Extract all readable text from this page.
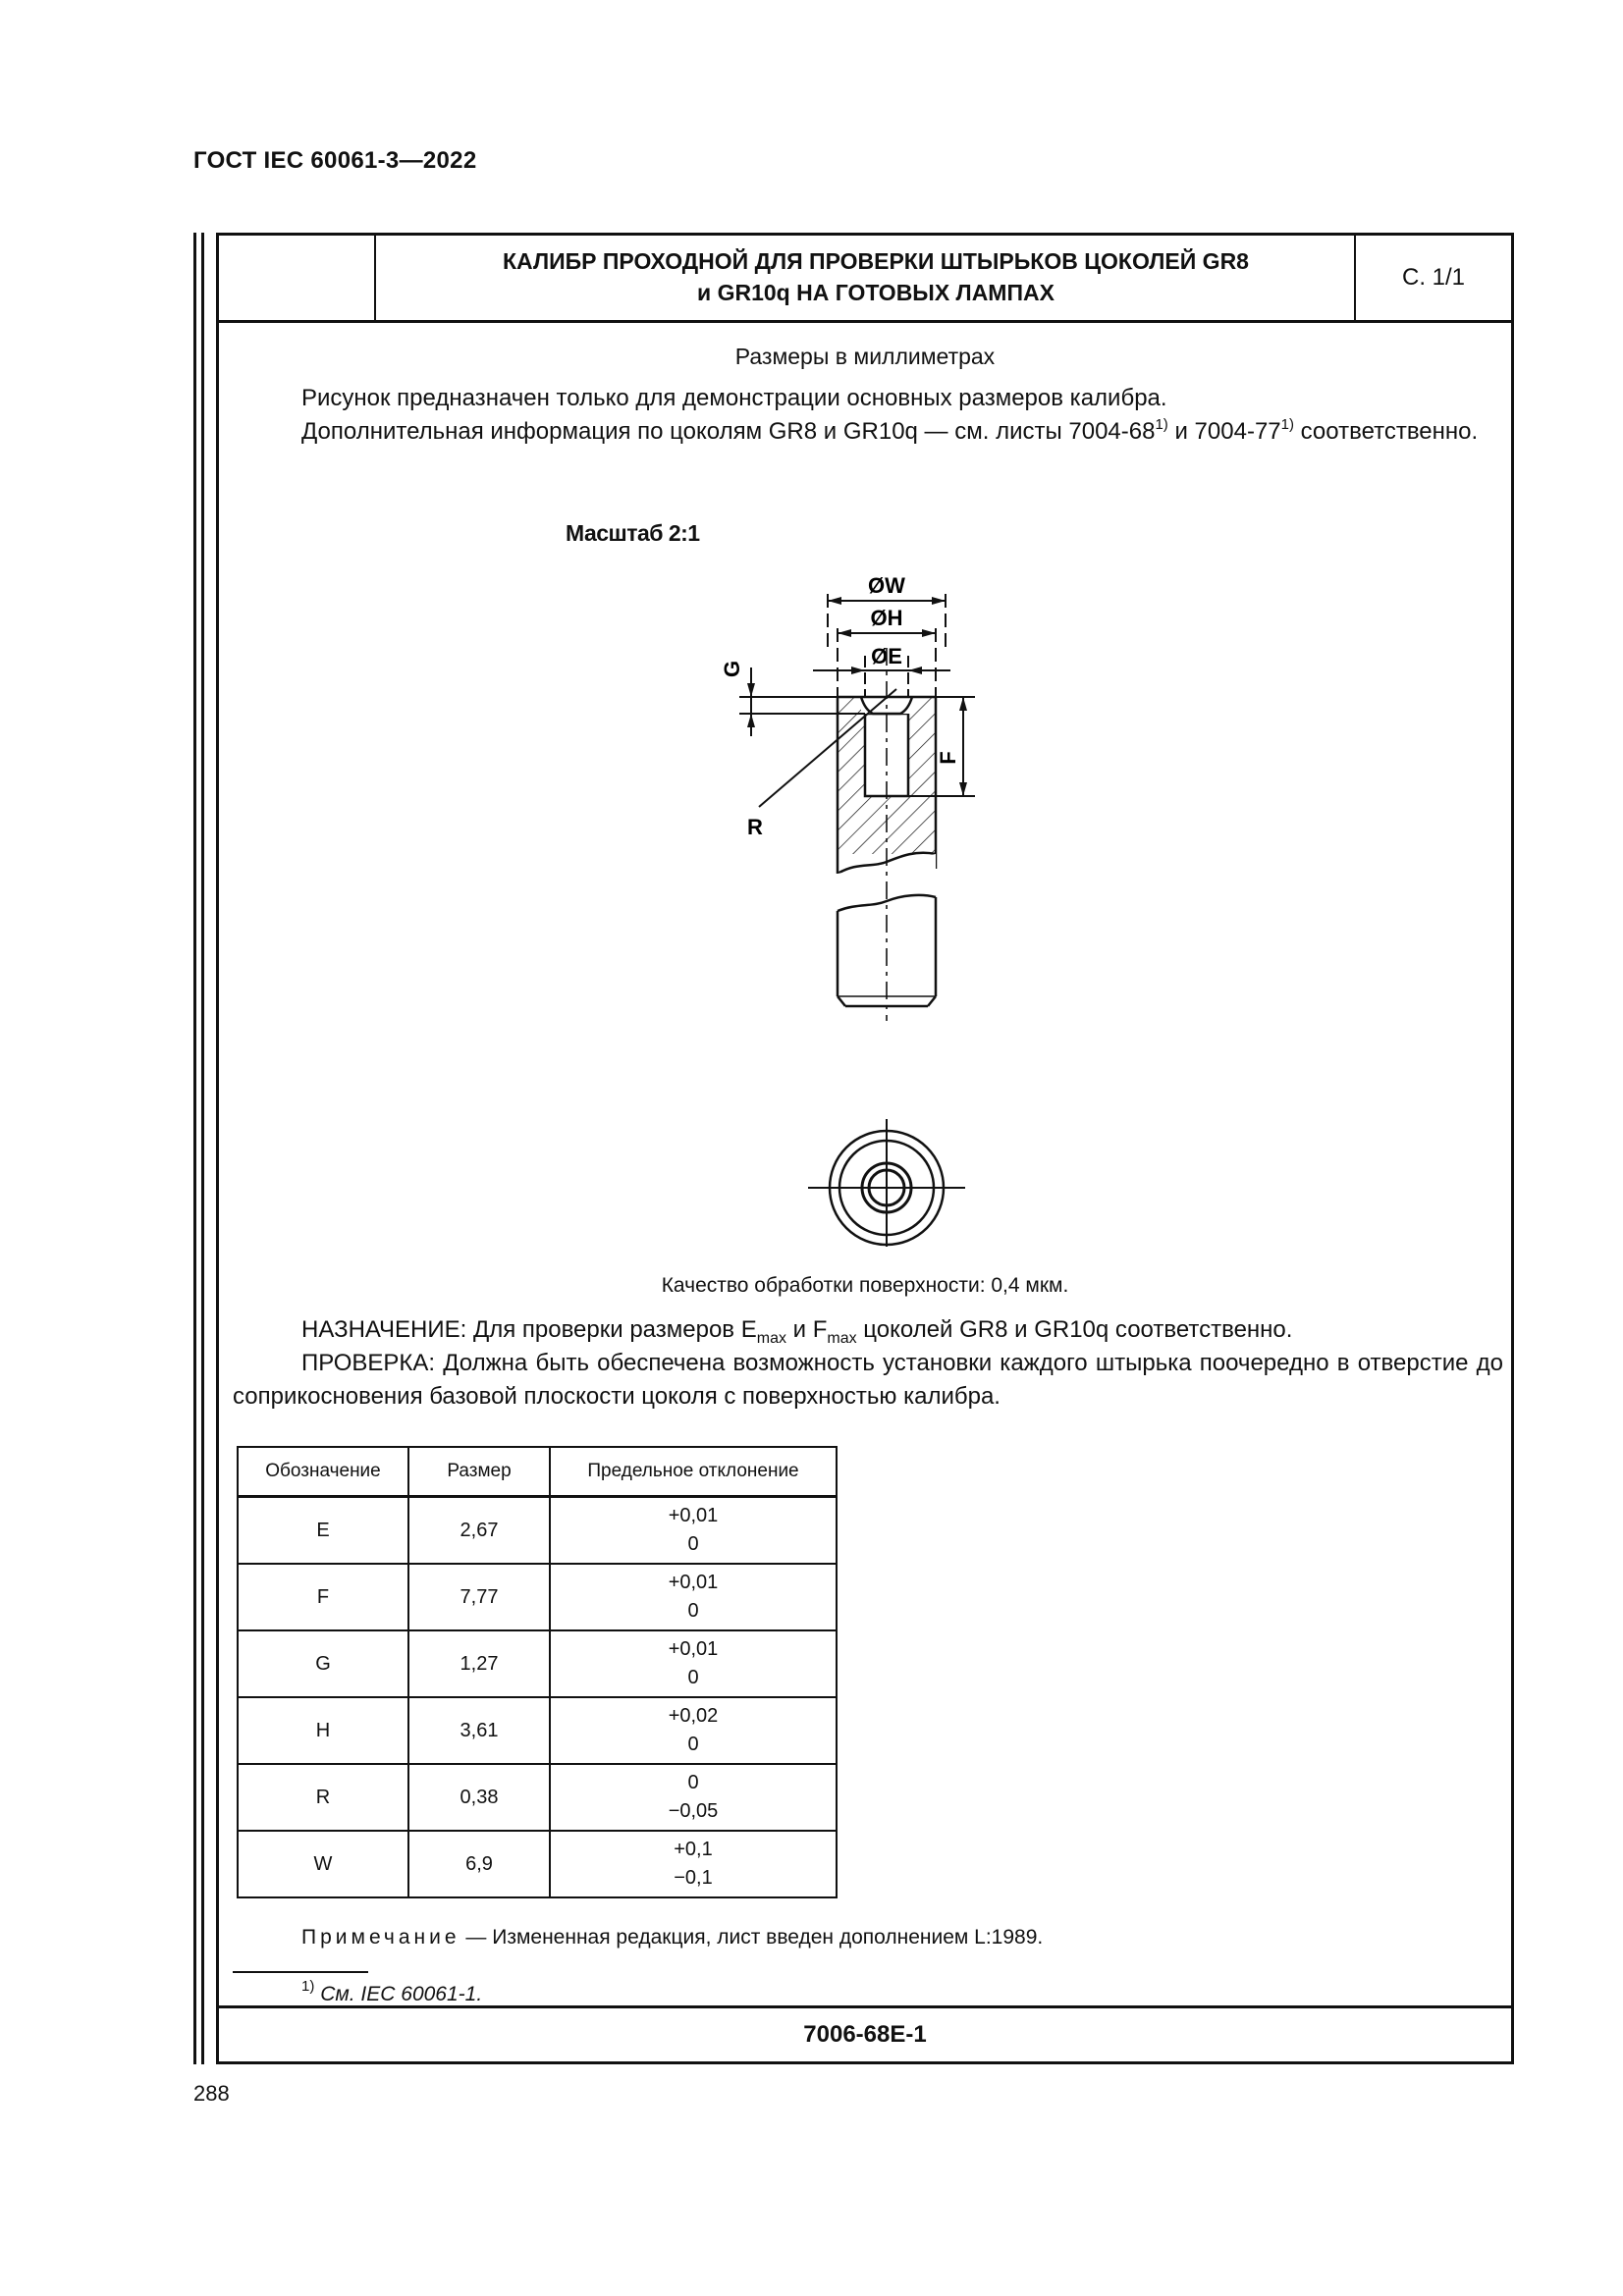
ГОСТ IEC 60061-3—2022
КАЛИБР ПРОХОДНОЙ ДЛЯ ПРОВЕРКИ ШТЫРЬКОВ ЦОКОЛЕЙ GR8
и GR10q НА ГОТОВЫХ ЛАМПАХ
С. 1/1
Размеры в миллиметрах
Рисунок предназначен только для демонстрации основных размеров калибра.
Дополнительная информация по цоколям GR8 и GR10q — см. листы 7004-68$^{1)}$ и 7004-77$^{1)}$ соответственно.
Масштаб 2:1
ØW
ØH
ØE
G
F
R
Качество обработки поверхности: 0,4 мкм.
НАЗНАЧЕНИЕ: Для проверки размеров $E_{max}$ и $F_{max}$ цоколей GR8 и GR10q соответственно.
ПРОВЕРКА: Должна быть обеспечена возможность установки каждого штырька поочередно в отверстие до соприкосновения базовой плоскости цоколя с поверхностью калибра.
Обозначение	Размер	Предельное отклонение
E	2,67	+0,01
0

F	7,77	+0,01
0

G	1,27	+0,01
0

H	3,61	+0,02
0

R	0,38	0
−0,05

W	6,9	+0,1
−0,1
Примечание — Измененная редакция, лист введен дополнением L:1989.
$^{1)}$ См. IEC 60061-1.
7006-68E-1
288
